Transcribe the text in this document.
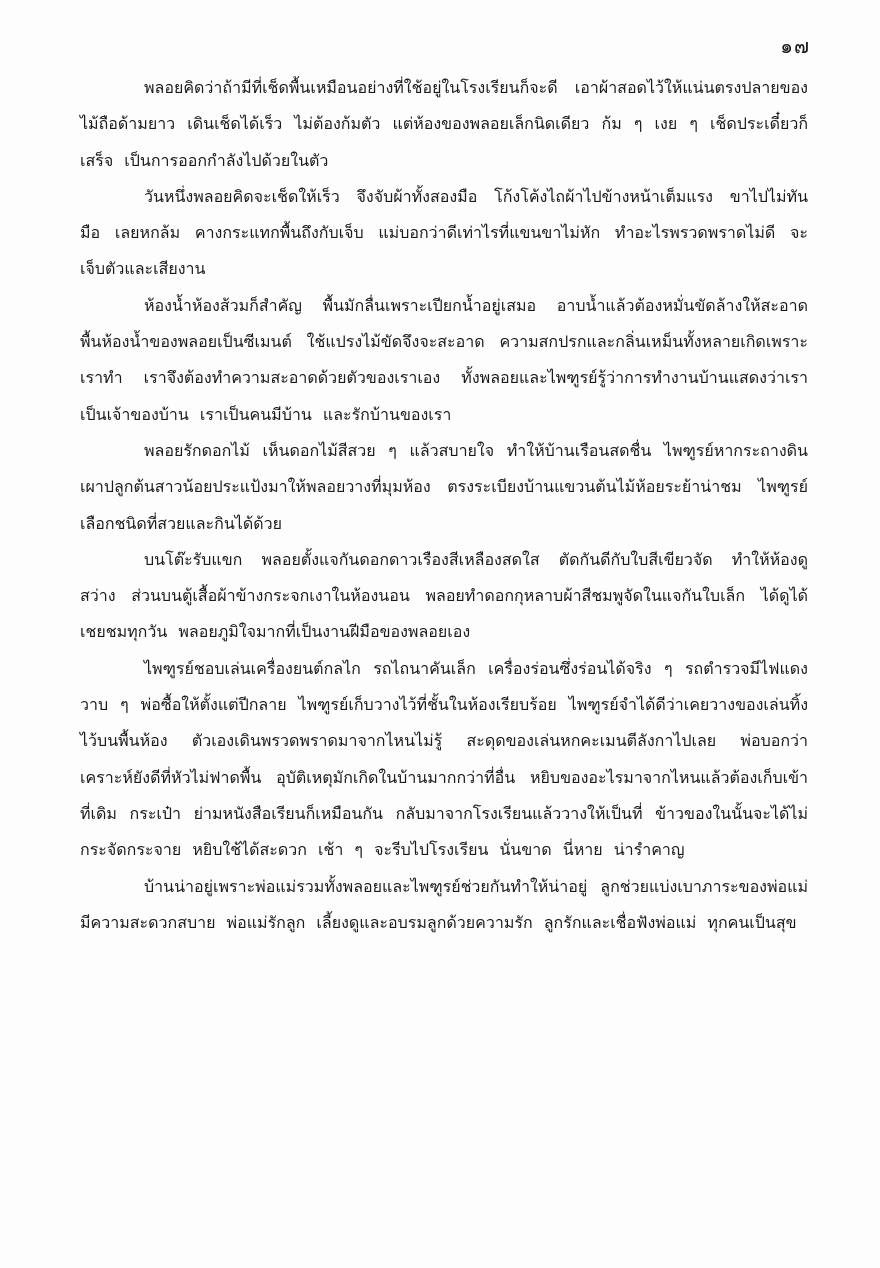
๑๗

พลอยคิดว่าถ้ามีที่เช็ดพื้นเหมือนอย่างที่ใช้อยู่ในโรงเรียนก็จะดี เอาผ้าสอดไว้ให้แน่นตรงปลายของไม้ถือด้ามยาว เดินเช็ดได้เร็ว ไม่ต้องก้มตัว แต่ห้องของพลอยเล็กนิดเดียว ก้ม ๆ เงย ๆ เช็ดประเดี๋ยวก็เสร็จ เป็นการออกกำลังไปด้วยในตัว

วันหนึ่งพลอยคิดจะเช็ดให้เร็ว จึงจับผ้าทั้งสองมือ โก้งโค้งไถผ้าไปข้างหน้าเต็มแรง ขาไปไม่ทันมือ เลยหกล้ม คางกระแทกพื้นถึงกับเจ็บ แม่บอกว่าดีเท่าไรที่แขนขาไม่หัก ทำอะไรพรวดพราดไม่ดี จะเจ็บตัวและเสียงาน

ห้องน้ำห้องส้วมก็สำคัญ พื้นมักลื่นเพราะเปียกน้ำอยู่เสมอ อาบน้ำแล้วต้องหมั่นขัดล้างให้สะอาด พื้นห้องน้ำของพลอยเป็นซีเมนต์ ใช้แปรงไม้ขัดจึงจะสะอาด ความสกปรกและกลิ่นเหม็นทั้งหลายเกิดเพราะเราทำ เราจึงต้องทำความสะอาดด้วยตัวของเราเอง ทั้งพลอยและไพฑูรย์รู้ว่าการทำงานบ้านแสดงว่าเราเป็นเจ้าของบ้าน เราเป็นคนมีบ้าน และรักบ้านของเรา

พลอยรักดอกไม้ เห็นดอกไม้สีสวย ๆ แล้วสบายใจ ทำให้บ้านเรือนสดชื่น ไพฑูรย์หากระถางดินเผาปลูกต้นสาวน้อยประแป้งมาให้พลอยวางที่มุมห้อง ตรงระเบียงบ้านแขวนต้นไม้ห้อยระย้าน่าชม ไพฑูรย์เลือกชนิดที่สวยและกินได้ด้วย

บนโต๊ะรับแขก พลอยตั้งแจกันดอกดาวเรืองสีเหลืองสดใส ตัดกันดีกับใบสีเขียวจัด ทำให้ห้องดูสว่าง ส่วนบนตู้เสื้อผ้าข้างกระจกเงาในห้องนอน พลอยทำดอกกุหลาบผ้าสีชมพูจัดในแจกันใบเล็ก ได้ดูได้เชยชมทุกวัน พลอยภูมิใจมากที่เป็นงานฝีมือของพลอยเอง

ไพฑูรย์ชอบเล่นเครื่องยนต์กลไก รถไถนาคันเล็ก เครื่องร่อนซึ่งร่อนได้จริง ๆ รถตำรวจมีไฟแดงวาบ ๆ พ่อซื้อให้ตั้งแต่ปีกลาย ไพฑูรย์เก็บวางไว้ที่ชั้นในห้องเรียบร้อย ไพฑูรย์จำได้ดีว่าเคยวางของเล่นทิ้งไว้บนพื้นห้อง ตัวเองเดินพรวดพราดมาจากไหนไม่รู้ สะดุดของเล่นหกคะเมนตีลังกาไปเลย พ่อบอกว่าเคราะห์ยังดีที่หัวไม่ฟาดพื้น อุบัติเหตุมักเกิดในบ้านมากกว่าที่อื่น หยิบของอะไรมาจากไหนแล้วต้องเก็บเข้าที่เดิม กระเป๋า ย่ามหนังสือเรียนก็เหมือนกัน กลับมาจากโรงเรียนแล้ววางให้เป็นที่ ข้าวของในนั้นจะได้ไม่กระจัดกระจาย หยิบใช้ได้สะดวก เช้า ๆ จะรีบไปโรงเรียน นั่นขาด นี่หาย น่ารำคาญ

บ้านน่าอยู่เพราะพ่อแม่รวมทั้งพลอยและไพฑูรย์ช่วยกันทำให้น่าอยู่ ลูกช่วยแบ่งเบาภาระของพ่อแม่ มีความสะดวกสบาย พ่อแม่รักลูก เลี้ยงดูและอบรมลูกด้วยความรัก ลูกรักและเชื่อฟังพ่อแม่ ทุกคนเป็นสุข
